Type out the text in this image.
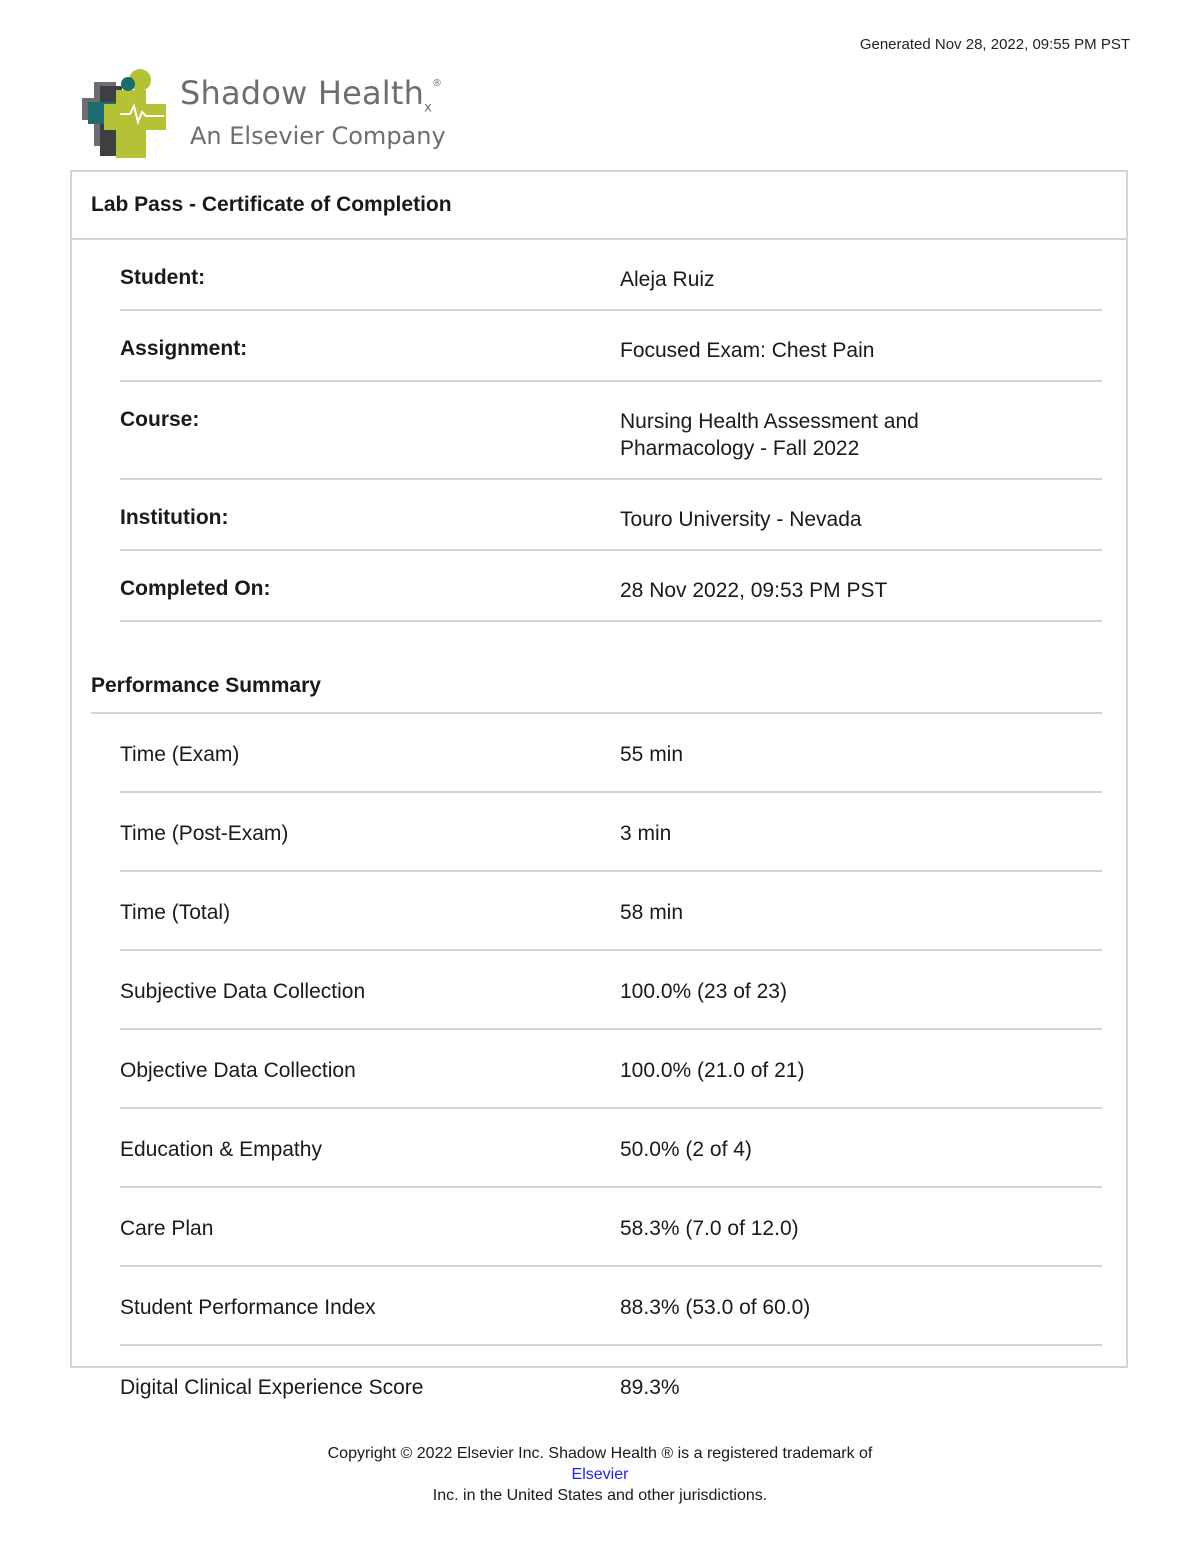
Generated Nov 28, 2022, 09:55 PM PST
Shadow Health$_x$®
An Elsevier Company
Lab Pass - Certificate of Completion
Student:	Aleja Ruiz
Assignment:	Focused Exam: Chest Pain
Course:	Nursing Health Assessment and Pharmacology - Fall 2022
Institution:	Touro University - Nevada
Completed On:	28 Nov 2022, 09:53 PM PST
Performance Summary
Time (Exam)	55 min
Time (Post-Exam)	3 min
Time (Total)	58 min
Subjective Data Collection	100.0% (23 of 23)
Objective Data Collection	100.0% (21.0 of 21)
Education & Empathy	50.0% (2 of 4)
Care Plan	58.3% (7.0 of 12.0)
Student Performance Index	88.3% (53.0 of 60.0)
Digital Clinical Experience Score	89.3%
Copyright © 2022 Elsevier Inc. Shadow Health ® is a registered trademark of
Elsevier
Inc. in the United States and other jurisdictions.
